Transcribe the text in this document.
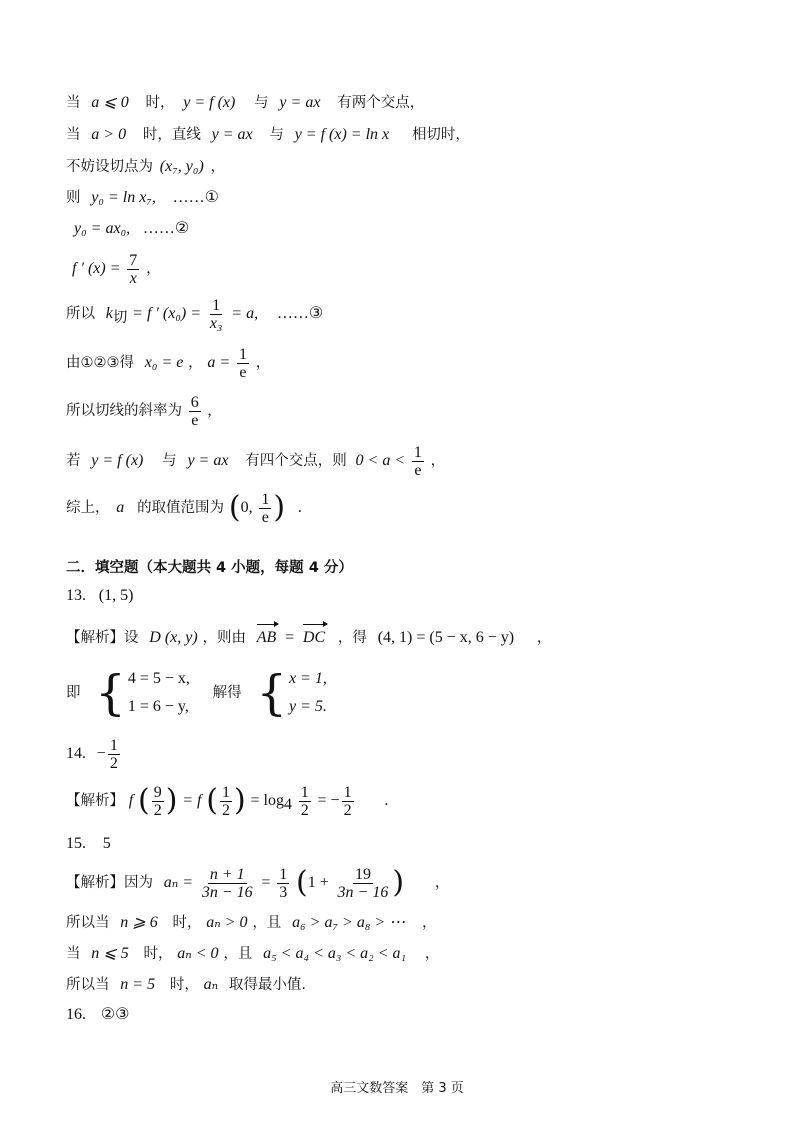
当 a ⩽ 0 时， y = f (x) 与 y = ax 有两个交点，
当 a > 0 时，直线 y = ax 与 y = f (x) = ln x 相切时，
不妨设切点为 (x₇, y₀) ，
则 y₀ = ln x₇, ……①
y₀ = ax₀, ……②
f ′ $(x) = \frac{7}{x}$ ，
所以 $k_切 = f$ ′ $(x_0) = \frac{1}{\text{x₃}} = a$, ……③
由①②③得 x₀ = e ， $a = \frac{1}{e}$ ，
所以切线的斜率为 $\frac{6}{e}$ ,
若 y = f (x) 与 y = ax 有四个交点，则 $0 < a < \frac{1}{e}$ ，
综上， a 的取值范围为 (0, $\frac{1}{e}$ ) .
二．填空题（本大题共 4 小题，每题 4 分）
13. (1, 5)
【解析】设 D (x, y) ，则由 AB = DC ，得 (4, 1) = (5 − x, 6 − y) ，
即 { 4 = 5 − x,
1 = 6 − y,
解得 { x = 1,
y = 5.
14. − $\frac{1}{2}$
【解析】 f ( $\frac{9}{2}$ ) = f ( $\frac{1}{2}$ ) = $\log_4 \frac{1}{2}$ = − $\frac{1}{2}$ .
15. 5
【解析】因为 $a_n = \frac{n + 1}{3n - 16} = \frac{1}{3} (1 + \frac{19}{3n - 16}$ ) ，
所以当 n ⩾ 6 时， aₙ > 0 ，且 a₆ > a₇ > a₈ > ⋯ ，
当 n ⩽ 5 时， aₙ < 0 ，且 a₅ < a₄ < a₃ < a₂ < a₁ ，
所以当 n = 5 时， aₙ 取得最小值.
16. ②③
高三文数答案　第 3 页
